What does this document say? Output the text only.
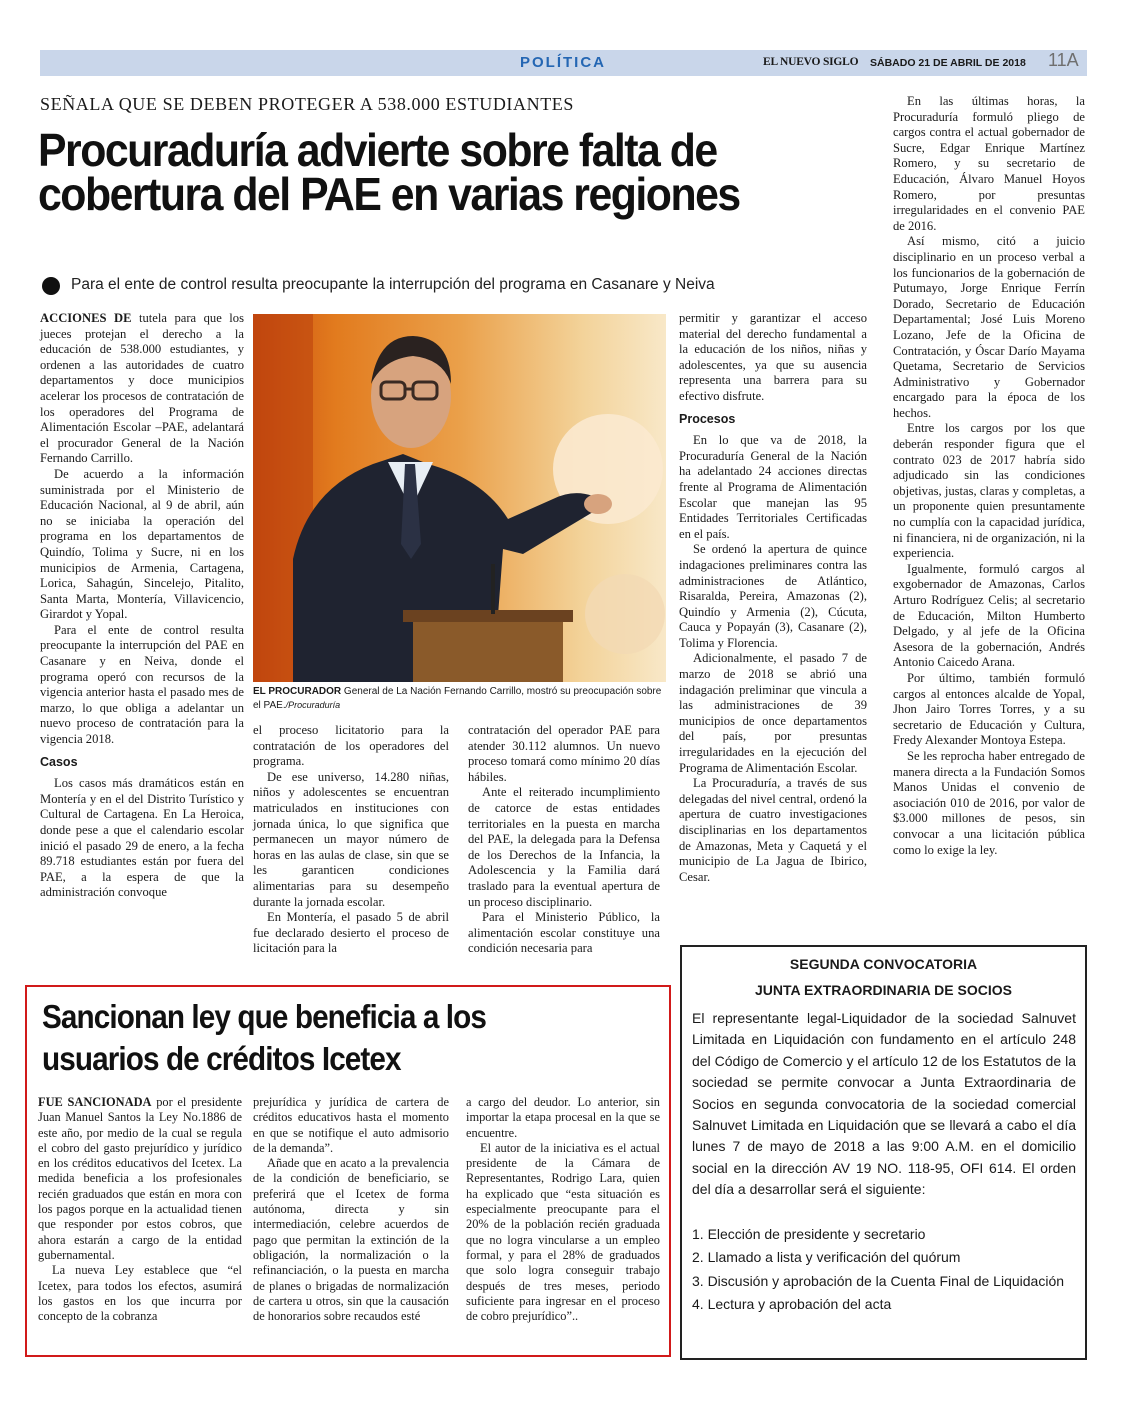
POLÍTICA	EL NUEVO SIGLO SÁBADO 21 DE ABRIL DE 2018 11A
SEÑALA QUE SE DEBEN PROTEGER A 538.000 ESTUDIANTES
Procuraduría advierte sobre falta de cobertura del PAE en varias regiones
Para el ente de control resulta preocupante la interrupción del programa en Casanare y Neiva

ACCIONES DE tutela para que los jueces protejan el derecho a la educación de 538.000 estudiantes, y ordenen a las autoridades de cuatro departamentos y doce municipios acelerar los procesos de contratación de los operadores del Programa de Alimentación Escolar –PAE, adelantará el procurador General de la Nación Fernando Carrillo.

De acuerdo a la información suministrada por el Ministerio de Educación Nacional, al 9 de abril, aún no se iniciaba la operación del programa en los departamentos de Quindío, Tolima y Sucre, ni en los municipios de Armenia, Cartagena, Lorica, Sahagún, Sincelejo, Pitalito, Santa Marta, Montería, Villavicencio, Girardot y Yopal.

Para el ente de control resulta preocupante la interrupción del PAE en Casanare y en Neiva, donde el programa operó con recursos de la vigencia anterior hasta el pasado mes de marzo, lo que obliga a adelantar un nuevo proceso de contratación para la vigencia 2018.

Casos

Los casos más dramáticos están en Montería y en el del Distrito Turístico y Cultural de Cartagena. En La Heroica, donde pese a que el calendario escolar inició el pasado 29 de enero, a la fecha 89.718 estudiantes están por fuera del PAE, a la espera de que la administración convoque

EL PROCURADOR General de La Nación Fernando Carrillo, mostró su preocupación sobre el PAE./Procuraduría

el proceso licitatorio para la contratación de los operadores del programa.

De ese universo, 14.280 niñas, niños y adolescentes se encuentran matriculados en instituciones con jornada única, lo que significa que permanecen un mayor número de horas en las aulas de clase, sin que se les garanticen condiciones alimentarias para su desempeño durante la jornada escolar.

En Montería, el pasado 5 de abril fue declarado desierto el proceso de licitación para la

contratación del operador PAE para atender 30.112 alumnos. Un nuevo proceso tomará como mínimo 20 días hábiles.

Ante el reiterado incumplimiento de catorce de estas entidades territoriales en la puesta en marcha del PAE, la delegada para la Defensa de los Derechos de la Infancia, la Adolescencia y la Familia dará traslado para la eventual apertura de un proceso disciplinario.

Para el Ministerio Público, la alimentación escolar constituye una condición necesaria para

permitir y garantizar el acceso material del derecho fundamental a la educación de los niños, niñas y adolescentes, ya que su ausencia representa una barrera para su efectivo disfrute.

Procesos

En lo que va de 2018, la Procuraduría General de la Nación ha adelantado 24 acciones directas frente al Programa de Alimentación Escolar que manejan las 95 Entidades Territoriales Certificadas en el país.

Se ordenó la apertura de quince indagaciones preliminares contra las administraciones de Atlántico, Risaralda, Pereira, Amazonas (2), Quindío y Armenia (2), Cúcuta, Cauca y Popayán (3), Casanare (2), Tolima y Florencia.

Adicionalmente, el pasado 7 de marzo de 2018 se abrió una indagación preliminar que vincula a las administraciones de 39 municipios de once departamentos del país, por presuntas irregularidades en la ejecución del Programa de Alimentación Escolar.

La Procuraduría, a través de sus delegadas del nivel central, ordenó la apertura de cuatro investigaciones disciplinarias en los departamentos de Amazonas, Meta y Caquetá y el municipio de La Jagua de Ibirico, Cesar.

En las últimas horas, la Procuraduría formuló pliego de cargos contra el actual gobernador de Sucre, Edgar Enrique Martínez Romero, y su secretario de Educación, Álvaro Manuel Hoyos Romero, por presuntas irregularidades en el convenio PAE de 2016.

Así mismo, citó a juicio disciplinario en un proceso verbal a los funcionarios de la gobernación de Putumayo, Jorge Enrique Ferrín Dorado, Secretario de Educación Departamental; José Luis Moreno Lozano, Jefe de la Oficina de Contratación, y Óscar Darío Mayama Quetama, Secretario de Servicios Administrativo y Gobernador encargado para la época de los hechos.

Entre los cargos por los que deberán responder figura que el contrato 023 de 2017 habría sido adjudicado sin las condiciones objetivas, justas, claras y completas, a un proponente quien presuntamente no cumplía con la capacidad jurídica, ni financiera, ni de organización, ni la experiencia.

Igualmente, formuló cargos al exgobernador de Amazonas, Carlos Arturo Rodríguez Celis; al secretario de Educación, Milton Humberto Delgado, y al jefe de la Oficina Asesora de la gobernación, Andrés Antonio Caicedo Arana.

Por último, también formuló cargos al entonces alcalde de Yopal, Jhon Jairo Torres Torres, y a su secretario de Educación y Cultura, Fredy Alexander Montoya Estepa.

Se les reprocha haber entregado de manera directa a la Fundación Somos Manos Unidas el convenio de asociación 010 de 2016, por valor de $3.000 millones de pesos, sin convocar a una licitación pública como lo exige la ley.

Sancionan ley que beneficia a los usuarios de créditos Icetex

FUE SANCIONADA por el presidente Juan Manuel Santos la Ley No.1886 de este año, por medio de la cual se regula el cobro del gasto prejurídico y jurídico en los créditos educativos del Icetex. La medida beneficia a los profesionales recién graduados que están en mora con los pagos porque en la actualidad tienen que responder por estos cobros, que ahora estarán a cargo de la entidad gubernamental.

La nueva Ley establece que “el Icetex, para todos los efectos, asumirá los gastos en los que incurra por concepto de la cobranza

prejurídica y jurídica de cartera de créditos educativos hasta el momento en que se notifique el auto admisorio de la demanda”.

Añade que en acato a la prevalencia de la condición de beneficiario, se preferirá que el Icetex de forma autónoma, directa y sin intermediación, celebre acuerdos de pago que permitan la extinción de la obligación, la normalización o la refinanciación, o la puesta en marcha de planes o brigadas de normalización de cartera u otros, sin que la causación de honorarios sobre recaudos esté

a cargo del deudor. Lo anterior, sin importar la etapa procesal en la que se encuentre.

El autor de la iniciativa es el actual presidente de la Cámara de Representantes, Rodrigo Lara, quien ha explicado que “esta situación es especialmente preocupante para el 20% de la población recién graduada que no logra vincularse a un empleo formal, y para el 28% de graduados que solo logra conseguir trabajo después de tres meses, periodo suficiente para ingresar en el proceso de cobro prejurídico”..

SEGUNDA CONVOCATORIA
JUNTA EXTRAORDINARIA DE SOCIOS
El representante legal-Liquidador de la sociedad Salnuvet Limitada en Liquidación con fundamento en el artículo 248 del Código de Comercio y el artículo 12 de los Estatutos de la sociedad se permite convocar a Junta Extraordinaria de Socios en segunda convocatoria de la sociedad comercial Salnuvet Limitada en Liquidación que se llevará a cabo el día lunes 7 de mayo de 2018 a las 9:00 A.M. en el domicilio social en la dirección AV 19 NO. 118-95, OFI 614. El orden del día a desarrollar será el siguiente:
1. Elección de presidente y secretario
2. Llamado a lista y verificación del quórum
3. Discusión y aprobación de la Cuenta Final de Liquidación
4. Lectura y aprobación del acta
